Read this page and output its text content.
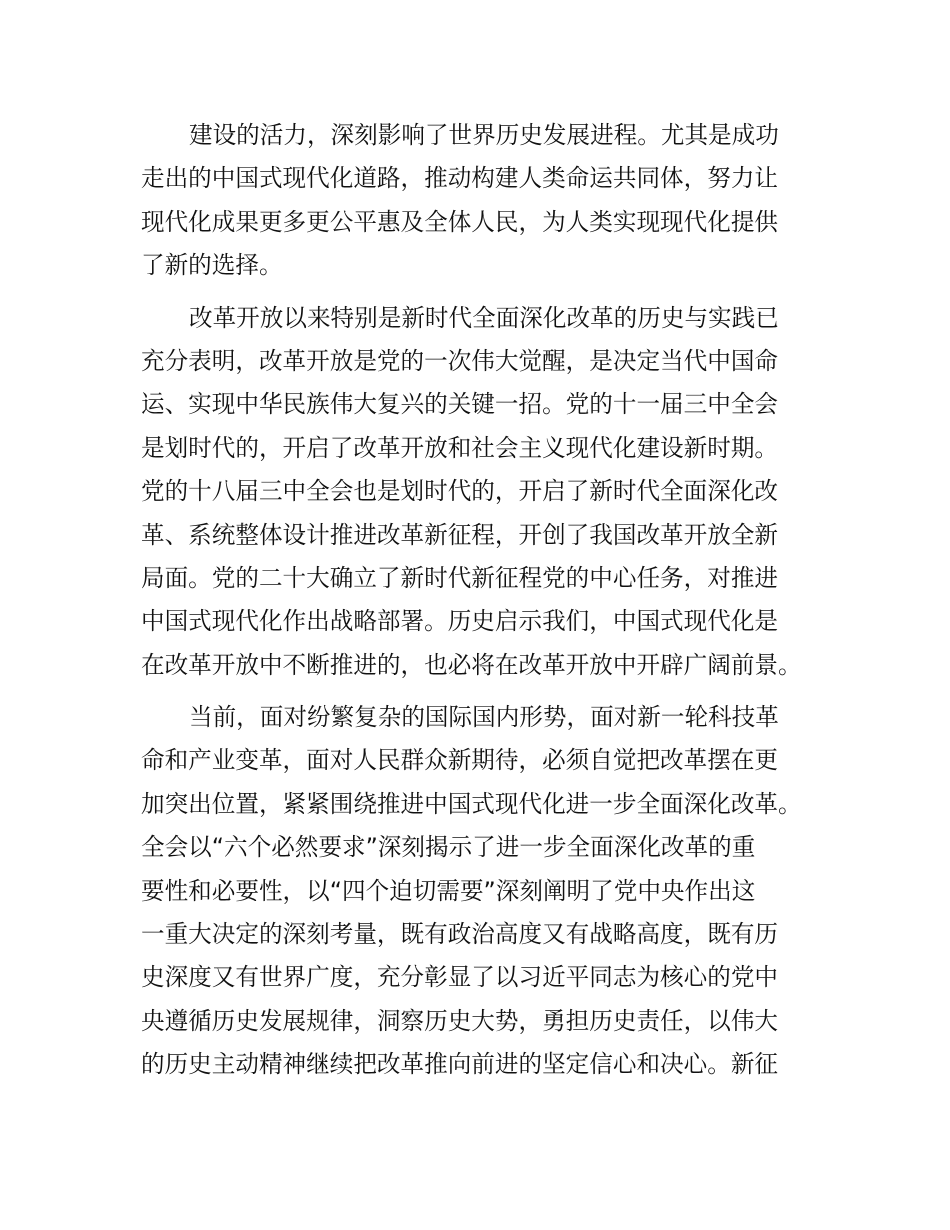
建设的活力，深刻影响了世界历史发展进程。尤其是成功
走出的中国式现代化道路，推动构建人类命运共同体，努力让
现代化成果更多更公平惠及全体人民，为人类实现现代化提供
了新的选择。

改革开放以来特别是新时代全面深化改革的历史与实践已
充分表明，改革开放是党的一次伟大觉醒，是决定当代中国命
运、实现中华民族伟大复兴的关键一招。党的十一届三中全会
是划时代的，开启了改革开放和社会主义现代化建设新时期。
党的十八届三中全会也是划时代的，开启了新时代全面深化改
革、系统整体设计推进改革新征程，开创了我国改革开放全新
局面。党的二十大确立了新时代新征程党的中心任务，对推进
中国式现代化作出战略部署。历史启示我们，中国式现代化是
在改革开放中不断推进的，也必将在改革开放中开辟广阔前景。

当前，面对纷繁复杂的国际国内形势，面对新一轮科技革
命和产业变革，面对人民群众新期待，必须自觉把改革摆在更
加突出位置，紧紧围绕推进中国式现代化进一步全面深化改革。
全会以“六个必然要求”深刻揭示了进一步全面深化改革的重
要性和必要性，以“四个迫切需要”深刻阐明了党中央作出这
一重大决定的深刻考量，既有政治高度又有战略高度，既有历
史深度又有世界广度，充分彰显了以习近平同志为核心的党中
央遵循历史发展规律，洞察历史大势，勇担历史责任，以伟大
的历史主动精神继续把改革推向前进的坚定信心和决心。新征
